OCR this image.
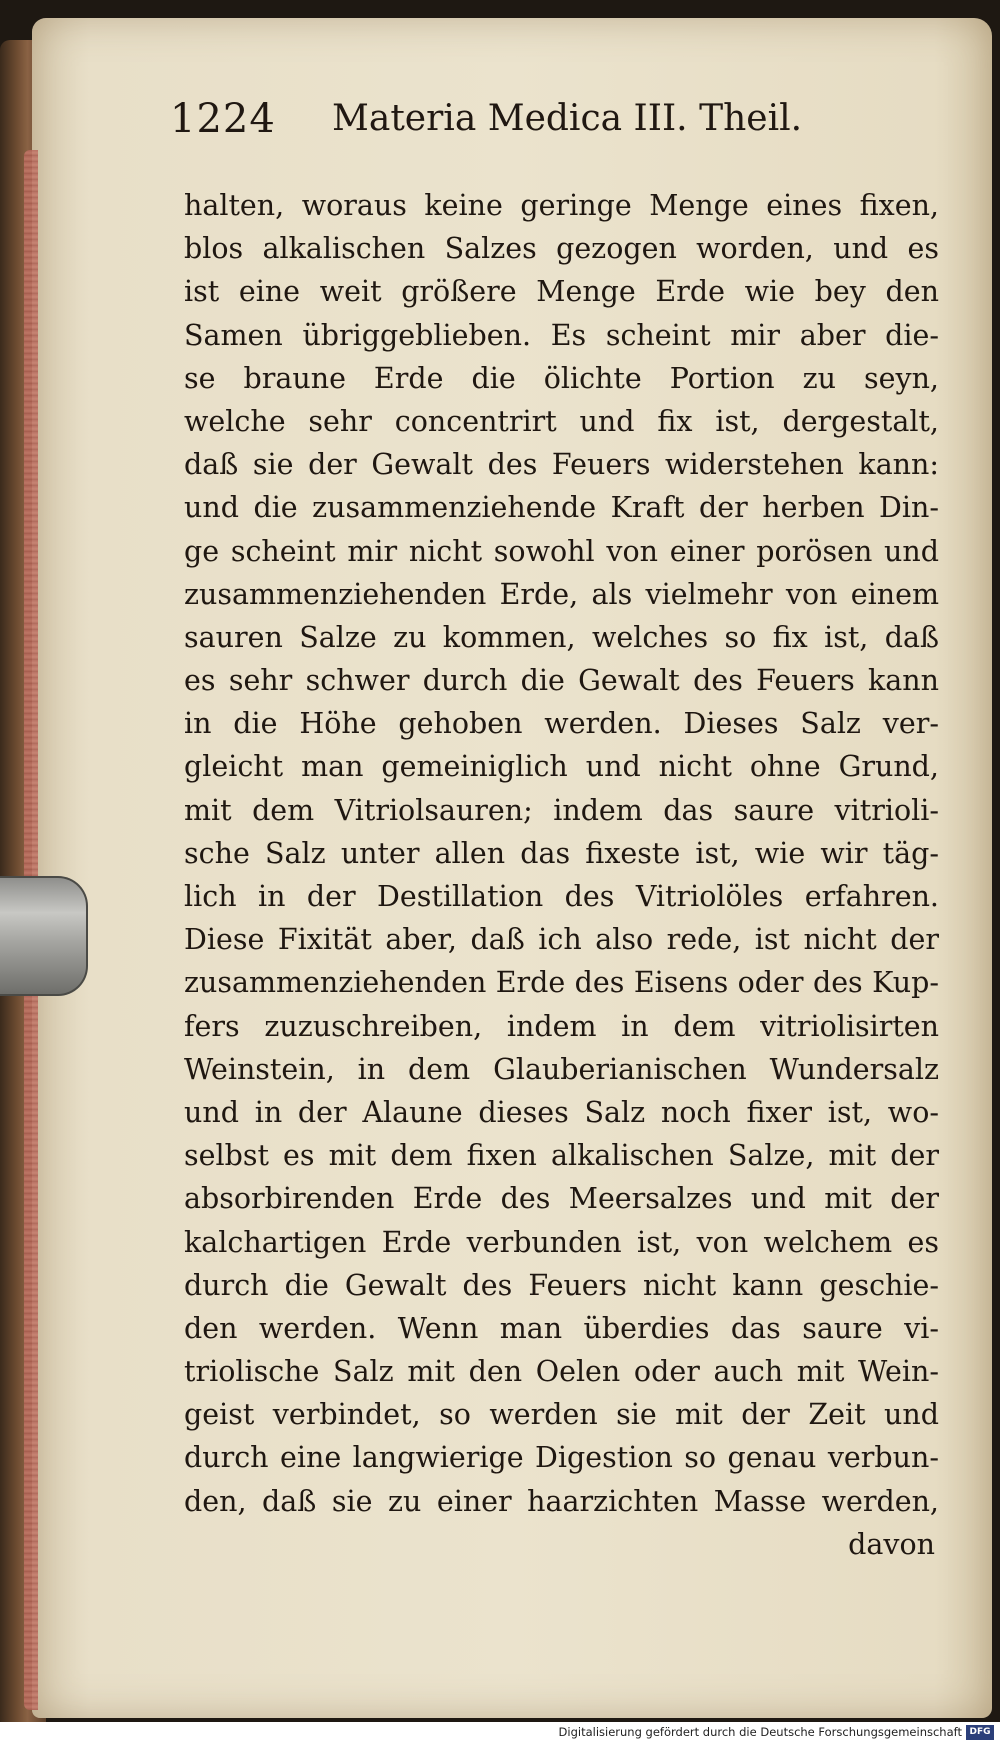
1224 Materia Medica III. Theil.
halten, woraus keine geringe Menge eines fixen,
blos alkalischen Salzes gezogen worden, und es
ist eine weit größere Menge Erde wie bey den
Samen übriggeblieben. Es scheint mir aber die-
se braune Erde die ölichte Portion zu seyn,
welche sehr concentrirt und fix ist, dergestalt,
daß sie der Gewalt des Feuers widerstehen kann:
und die zusammenziehende Kraft der herben Din-
ge scheint mir nicht sowohl von einer porösen und
zusammenziehenden Erde, als vielmehr von einem
sauren Salze zu kommen, welches so fix ist, daß
es sehr schwer durch die Gewalt des Feuers kann
in die Höhe gehoben werden. Dieses Salz ver-
gleicht man gemeiniglich und nicht ohne Grund,
mit dem Vitriolsauren; indem das saure vitrioli-
sche Salz unter allen das fixeste ist, wie wir täg-
lich in der Destillation des Vitriolöles erfahren.
Diese Fixität aber, daß ich also rede, ist nicht der
zusammenziehenden Erde des Eisens oder des Kup-
fers zuzuschreiben, indem in dem vitriolisirten
Weinstein, in dem Glauberianischen Wundersalz
und in der Alaune dieses Salz noch fixer ist, wo-
selbst es mit dem fixen alkalischen Salze, mit der
absorbirenden Erde des Meersalzes und mit der
kalchartigen Erde verbunden ist, von welchem es
durch die Gewalt des Feuers nicht kann geschie-
den werden. Wenn man überdies das saure vi-
triolische Salz mit den Oelen oder auch mit Wein-
geist verbindet, so werden sie mit der Zeit und
durch eine langwierige Digestion so genau verbun-
den, daß sie zu einer haarzichten Masse werden,
davon
Digitalisierung gefördert durch die Deutsche Forschungsgemeinschaft DFG
